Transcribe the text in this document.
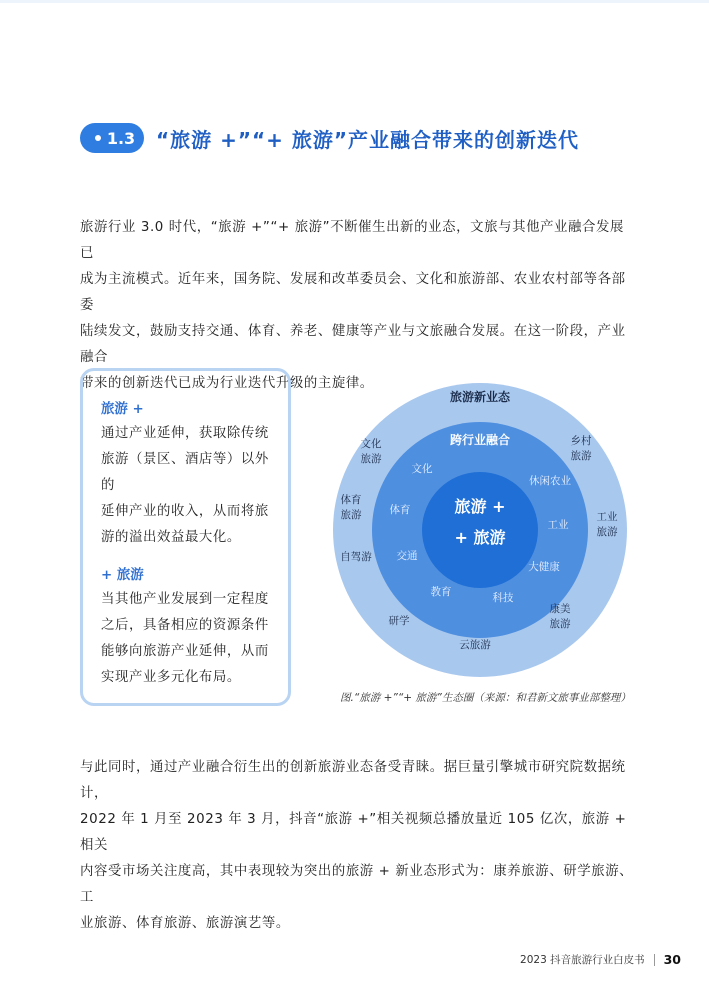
1.3 “旅游 +”“+ 旅游”产业融合带来的创新迭代
旅游行业 3.0 时代，“旅游 +”“+ 旅游”不断催生出新的业态，文旅与其他产业融合发展已
成为主流模式。近年来，国务院、发展和改革委员会、文化和旅游部、农业农村部等各部委
陆续发文，鼓励支持交通、体育、养老、健康等产业与文旅融合发展。在这一阶段，产业融合
带来的创新迭代已成为行业迭代升级的主旋律。
旅游 +
通过产业延伸，获取除传统
旅游（景区、酒店等）以外的
延伸产业的收入，从而将旅
游的溢出效益最大化。
+ 旅游
当其他产业发展到一定程度
之后，具备相应的资源条件
能够向旅游产业延伸，从而
实现产业多元化布局。
旅游新业态
跨行业融合
旅游 +
+ 旅游
文化
休闲农业
体育
工业
交通
大健康
教育	科技
文化旅游
乡村旅游
体育旅游	工业旅游
自驾游
研学
康美旅游
云旅游
图.“旅游 +”“+ 旅游”生态圈（来源：和君新文旅事业部整理）
与此同时，通过产业融合衍生出的创新旅游业态备受青睐。据巨量引擎城市研究院数据统计，
2022 年 1 月至 2023 年 3 月，抖音“旅游 +”相关视频总播放量近 105 亿次，旅游 + 相关
内容受市场关注度高，其中表现较为突出的旅游 + 新业态形式为：康养旅游、研学旅游、工
业旅游、体育旅游、旅游演艺等。
2023 抖音旅游行业白皮书 30
